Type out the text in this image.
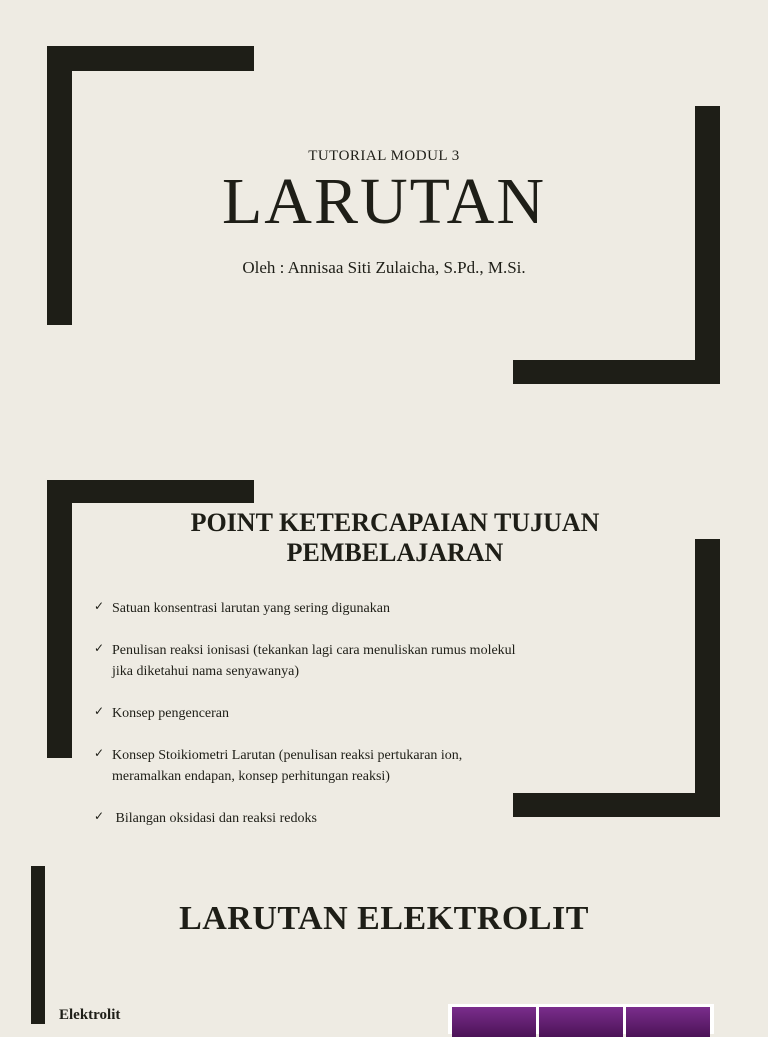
TUTORIAL MODUL 3
LARUTAN
Oleh : Annisaa Siti Zulaicha, S.Pd., M.Si.
POINT KETERCAPAIAN TUJUAN
PEMBELAJARAN
✓ Satuan konsentrasi larutan yang sering digunakan
✓ Penulisan reaksi ionisasi (tekankan lagi cara menuliskan rumus molekul
jika diketahui nama senyawanya)
✓ Konsep pengenceran
✓ Konsep Stoikiometri Larutan (penulisan reaksi pertukaran ion,
meramalkan endapan, konsep perhitungan reaksi)
✓ Bilangan oksidasi dan reaksi redoks
LARUTAN ELEKTROLIT
Elektrolit
